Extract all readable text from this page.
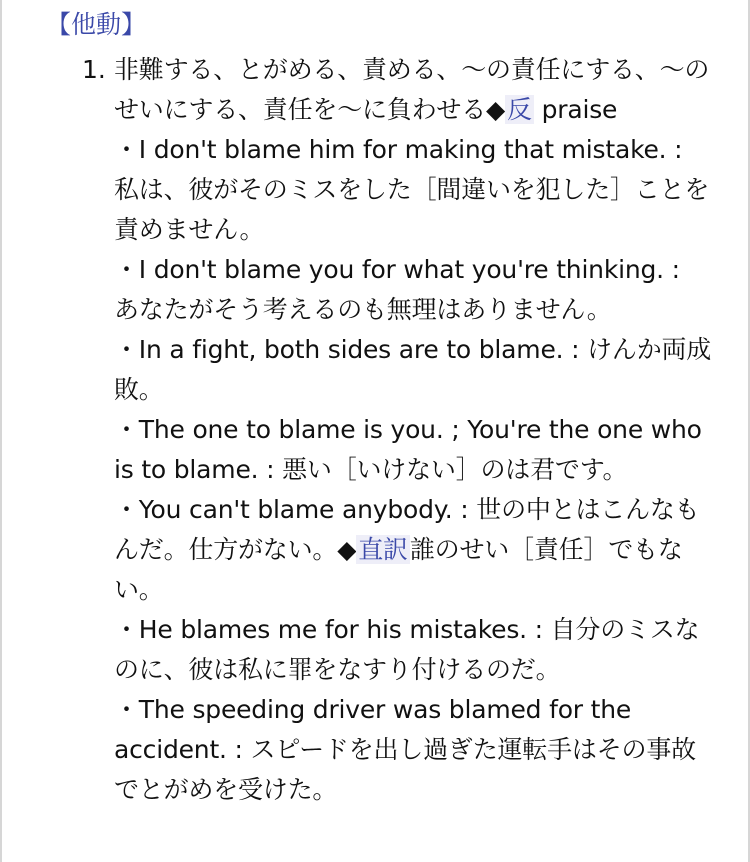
【他動】
1. 非難する、とがめる、責める、～の責任にする、～のせいにする、責任を～に負わせる◆反 praise

・I don't blame him for making that mistake. : 私は、彼がそのミスをした［間違いを犯した］ことを責めません。

・I don't blame you for what you're thinking. : あなたがそう考えるのも無理はありません。

・In a fight, both sides are to blame. : けんか両成敗。

・The one to blame is you. ; You're the one who is to blame. : 悪い［いけない］のは君です。

・You can't blame anybody. : 世の中とはこんなもんだ。仕方がない。◆直訳誰のせい［責任］でもない。

・He blames me for his mistakes. : 自分のミスなのに、彼は私に罪をなすり付けるのだ。

・The speeding driver was blamed for the accident. : スピードを出し過ぎた運転手はその事故でとがめを受けた。
